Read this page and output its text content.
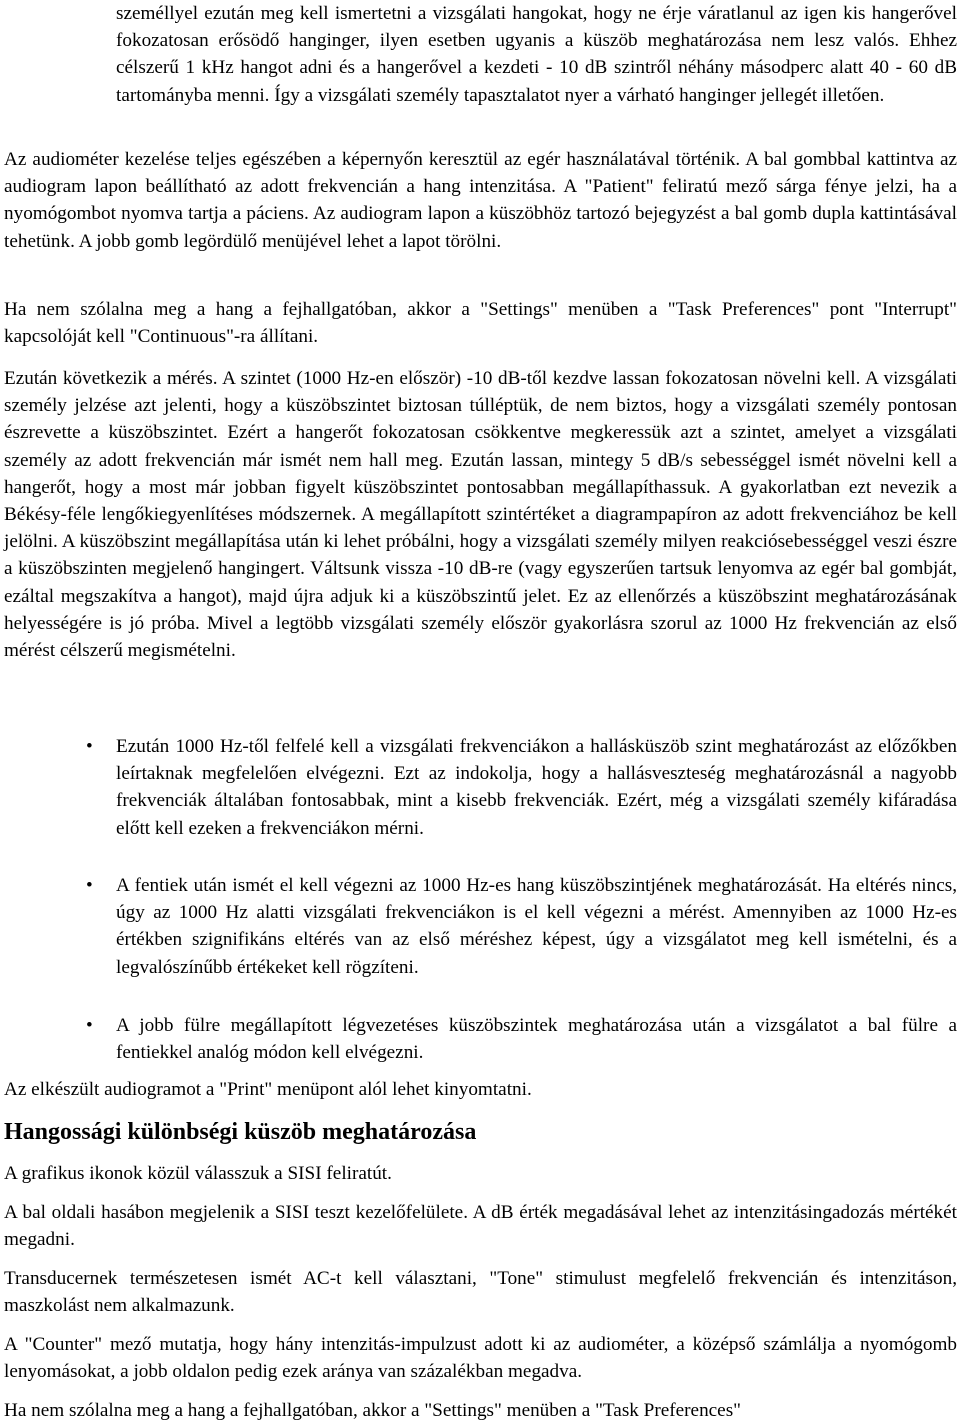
személlyel ezután meg kell ismertetni a vizsgálati hangokat, hogy ne érje váratlanul az igen kis hangerővel fokozatosan erősödő hanginger, ilyen esetben ugyanis a küszöb meghatározása nem lesz valós. Ehhez célszerű 1 kHz hangot adni és a hangerővel a kezdeti - 10 dB szintről néhány másodperc alatt 40 - 60 dB tartományba menni. Így a vizsgálati személy tapasztalatot nyer a várható hanginger jellegét illetően.

Az audiométer kezelése teljes egészében a képernyőn keresztül az egér használatával történik. A bal gombbal kattintva az audiogram lapon beállítható az adott frekvencián a hang intenzitása. A "Patient" feliratú mező sárga fénye jelzi, ha a nyomógombot nyomva tartja a páciens. Az audiogram lapon a küszöbhöz tartozó bejegyzést a bal gomb dupla kattintásával tehetünk. A jobb gomb legördülő menüjével lehet a lapot törölni.

Ha nem szólalna meg a hang a fejhallgatóban, akkor a "Settings" menüben a "Task Preferences" pont "Interrupt" kapcsolóját kell "Continuous"-ra állítani.

Ezután következik a mérés. A szintet (1000 Hz-en először) -10 dB-től kezdve lassan fokozatosan növelni kell. A vizsgálati személy jelzése azt jelenti, hogy a küszöbszintet biztosan túlléptük, de nem biztos, hogy a vizsgálati személy pontosan észrevette a küszöbszintet. Ezért a hangerőt fokozatosan csökkentve megkeressük azt a szintet, amelyet a vizsgálati személy az adott frekvencián már ismét nem hall meg. Ezután lassan, mintegy 5 dB/s sebességgel ismét növelni kell a hangerőt, hogy a most már jobban figyelt küszöbszintet pontosabban megállapíthassuk. A gyakorlatban ezt nevezik a Békésy-féle lengőkiegyenlítéses módszernek. A megállapított szintértéket a diagrampapíron az adott frekvenciához be kell jelölni. A küszöbszint megállapítása után ki lehet próbálni, hogy a vizsgálati személy milyen reakciósebességgel veszi észre a küszöbszinten megjelenő hangingert. Váltsunk vissza -10 dB-re (vagy egyszerűen tartsuk lenyomva az egér bal gombját, ezáltal megszakítva a hangot), majd újra adjuk ki a küszöbszintű jelet. Ez az ellenőrzés a küszöbszint meghatározásának helyességére is jó próba. Mivel a legtöbb vizsgálati személy először gyakorlásra szorul az 1000 Hz frekvencián az első mérést célszerű megismételni.

• Ezután 1000 Hz-től felfelé kell a vizsgálati frekvenciákon a hallásküszöb szint meghatározást az előzőkben leírtaknak megfelelően elvégezni. Ezt az indokolja, hogy a hallásveszteség meghatározásnál a nagyobb frekvenciák általában fontosabbak, mint a kisebb frekvenciák. Ezért, még a vizsgálati személy kifáradása előtt kell ezeken a frekvenciákon mérni.

• A fentiek után ismét el kell végezni az 1000 Hz-es hang küszöbszintjének meghatározását. Ha eltérés nincs, úgy az 1000 Hz alatti vizsgálati frekvenciákon is el kell végezni a mérést. Amennyiben az 1000 Hz-es értékben szignifikáns eltérés van az első méréshez képest, úgy a vizsgálatot meg kell ismételni, és a legvalószínűbb értékeket kell rögzíteni.

• A jobb fülre megállapított légvezetéses küszöbszintek meghatározása után a vizsgálatot a bal fülre a fentiekkel analóg módon kell elvégezni.

Az elkészült audiogramot a "Print" menüpont alól lehet kinyomtatni.

Hangossági különbségi küszöb meghatározása

A grafikus ikonok közül válasszuk a SISI feliratút.

A bal oldali hasábon megjelenik a SISI teszt kezelőfelülete. A dB érték megadásával lehet az intenzitásingadozás mértékét megadni.

Transducernek természetesen ismét AC-t kell választani, "Tone" stimulust megfelelő frekvencián és intenzitáson, maszkolást nem alkalmazunk.

A "Counter" mező mutatja, hogy hány intenzitás-impulzust adott ki az audiométer, a középső számlálja a nyomógomb lenyomásokat, a jobb oldalon pedig ezek aránya van százalékban megadva.

Ha nem szólalna meg a hang a fejhallgatóban, akkor a "Settings" menüben a "Task Preferences"
